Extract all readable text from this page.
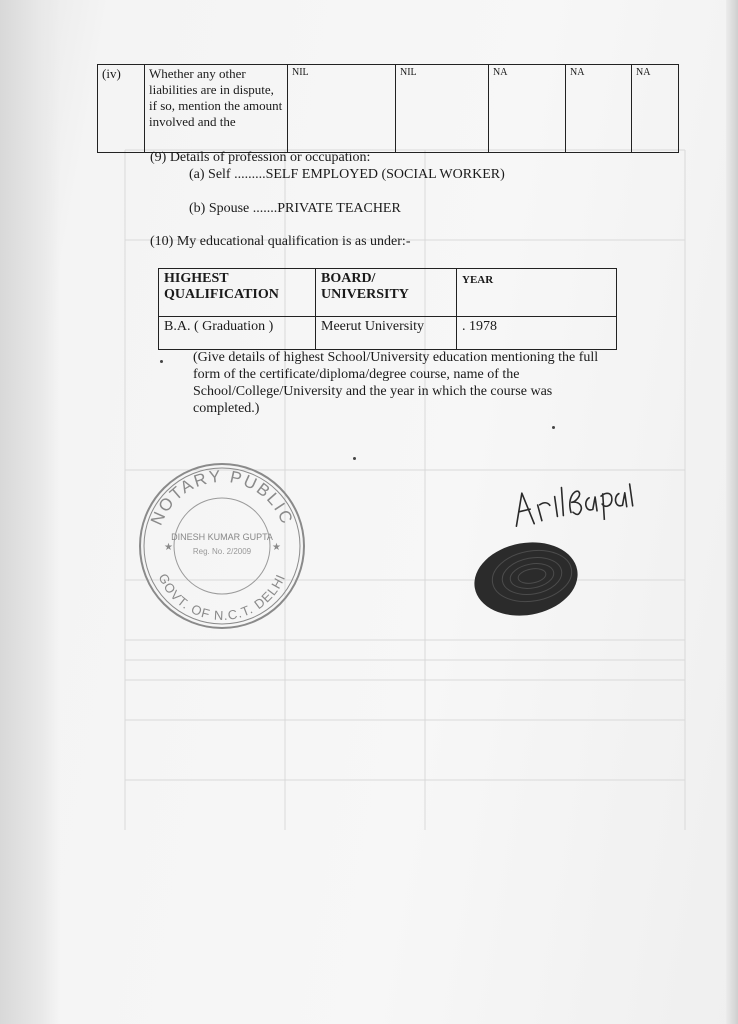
(iv)	Whether any other liabilities are in dispute, if so, mention the amount involved and the	NIL	NIL	NA	NA	NA
(9) Details of profession or occupation:
(a) Self .........SELF EMPLOYED (SOCIAL WORKER)
(b) Spouse .......PRIVATE TEACHER
(10) My educational qualification is as under:-
HIGHEST QUALIFICATION	BOARD/ UNIVERSITY	YEAR
B.A. ( Graduation )	Meerut University	. 1978
(Give details of highest School/University education mentioning the full form of the certificate/diploma/degree course, name of the School/College/University and the year in which the course was completed.)
NOTARY PUBLIC
GOVT. OF N.C.T. DELHI
DINESH KUMAR GUPTA
Reg. No. 2/2009
★	★
